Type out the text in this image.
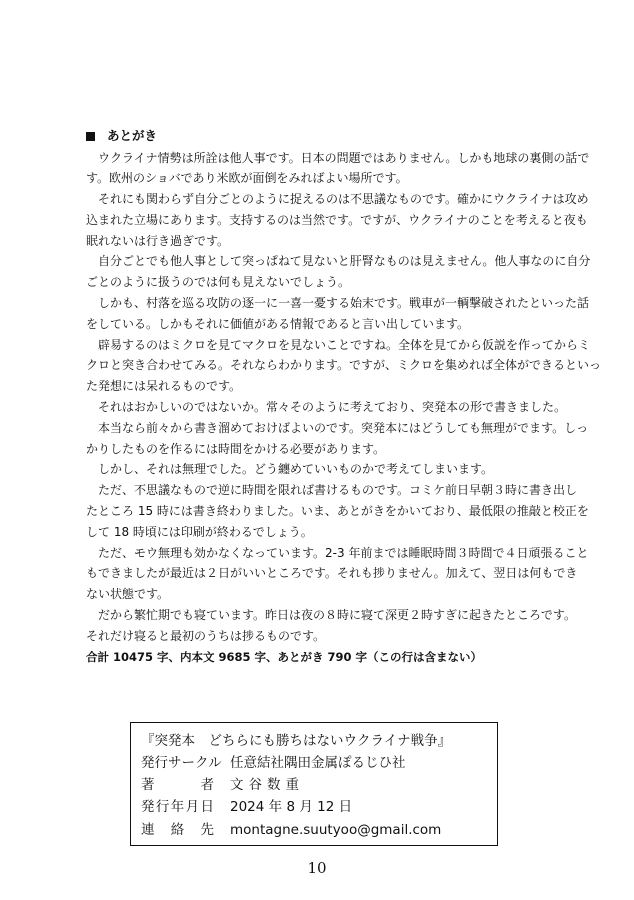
あとがき
ウクライナ情勢は所詮は他人事です。日本の問題ではありません。しかも地球の裏側の話で
す。欧州のショバであり米欧が面倒をみればよい場所です。
それにも関わらず自分ごとのように捉えるのは不思議なものです。確かにウクライナは攻め
込まれた立場にあります。支持するのは当然です。ですが、ウクライナのことを考えると夜も
眠れないは行き過ぎです。
自分ごとでも他人事として突っぱねて見ないと肝腎なものは見えません。他人事なのに自分
ごとのように扱うのでは何も見えないでしょう。
しかも、村落を巡る攻防の逐一に一喜一憂する始末です。戦車が一輌撃破されたといった話
をしている。しかもそれに価値がある情報であると言い出しています。
辟易するのはミクロを見てマクロを見ないことですね。全体を見てから仮説を作ってからミ
クロと突き合わせてみる。それならわかります。ですが、ミクロを集めれば全体ができるといっ
た発想には呆れるものです。
それはおかしいのではないか。常々そのように考えており、突発本の形で書きました。
本当なら前々から書き溜めておけばよいのです。突発本にはどうしても無理がでます。しっ
かりしたものを作るには時間をかける必要があります。
しかし、それは無理でした。どう纏めていいものかで考えてしまいます。
ただ、不思議なもので逆に時間を限れば書けるものです。コミケ前日早朝３時に書き出し
たところ 15 時には書き終わりました。いま、あとがきをかいており、最低限の推敲と校正を
して 18 時頃には印刷が終わるでしょう。
ただ、モウ無理も効かなくなっています。2-3 年前までは睡眠時間３時間で４日頑張ること
もできましたが最近は２日がいいところです。それも捗りません。加えて、翌日は何もでき
ない状態です。
だから繁忙期でも寝ています。昨日は夜の８時に寝て深更２時すぎに起きたところです。
それだけ寝ると最初のうちは捗るものです。
合計 10475 字、内本文 9685 字、あとがき 790 字（この行は含まない）
『突発本　どちらにも勝ちはないウクライナ戦争』
発行サークル 任意結社隅田金属ぽるじひ社
著	者 文谷数重
発 行 年 月 日 2024 年 8 月 12 日
連 絡 先 montagne.suutyoo@gmail.com
10
